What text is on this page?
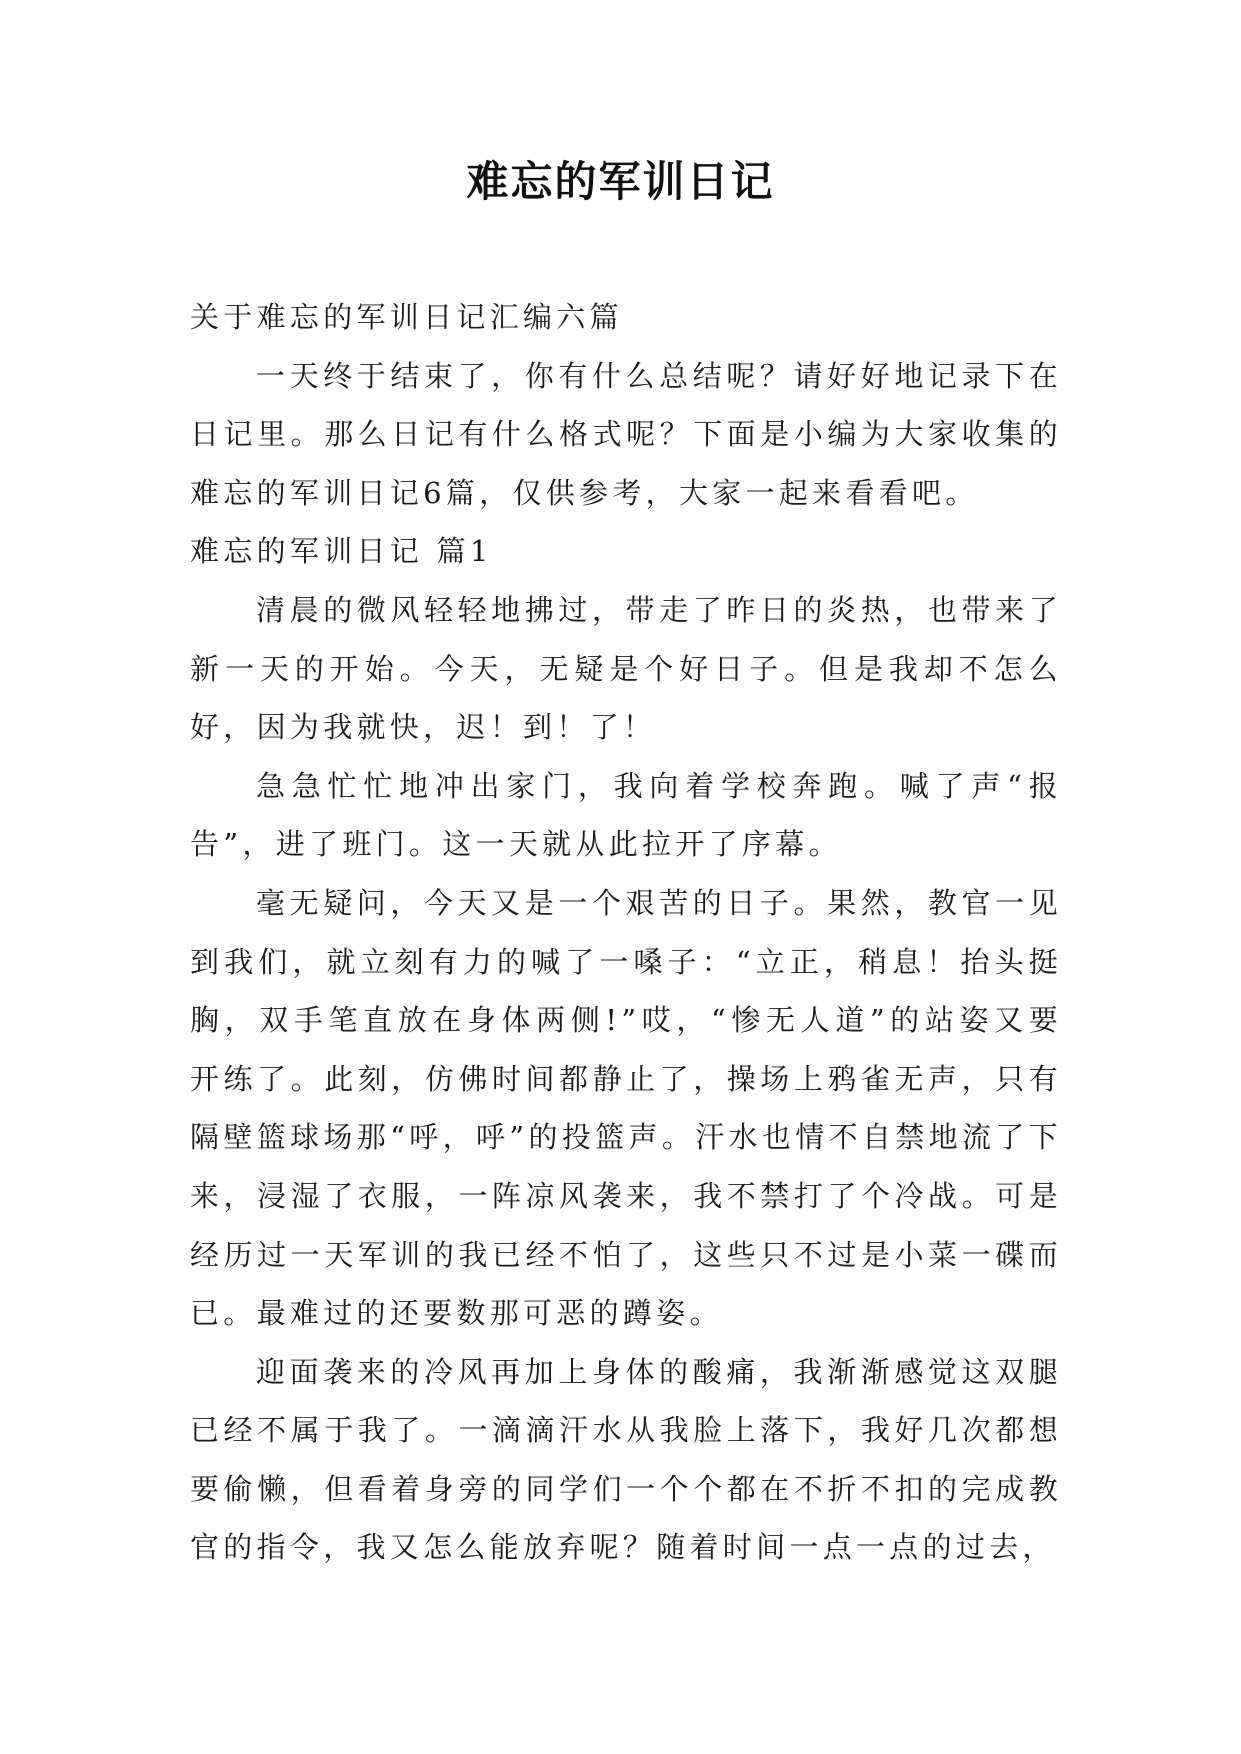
难忘的军训日记

关于难忘的军训日记汇编六篇

一天终于结束了，你有什么总结呢？请好好地记录下在日记里。那么日记有什么格式呢？下面是小编为大家收集的难忘的军训日记6篇，仅供参考，大家一起来看看吧。

难忘的军训日记 篇1

清晨的微风轻轻地拂过，带走了昨日的炎热，也带来了新一天的开始。今天，无疑是个好日子。但是我却不怎么好，因为我就快，迟！到！了！

急急忙忙地冲出家门，我向着学校奔跑。喊了声“报告”，进了班门。这一天就从此拉开了序幕。

毫无疑问，今天又是一个艰苦的日子。果然，教官一见到我们，就立刻有力的喊了一嗓子：“立正，稍息！抬头挺胸，双手笔直放在身体两侧!”哎，“惨无人道”的站姿又要开练了。此刻，仿佛时间都静止了，操场上鸦雀无声，只有隔壁篮球场那“呼，呼”的投篮声。汗水也情不自禁地流了下来，浸湿了衣服，一阵凉风袭来，我不禁打了个冷战。可是经历过一天军训的我已经不怕了，这些只不过是小菜一碟而已。最难过的还要数那可恶的蹲姿。

迎面袭来的冷风再加上身体的酸痛，我渐渐感觉这双腿已经不属于我了。一滴滴汗水从我脸上落下，我好几次都想要偷懒，但看着身旁的同学们一个个都在不折不扣的完成教官的指令，我又怎么能放弃呢？随着时间一点一点的过去，
